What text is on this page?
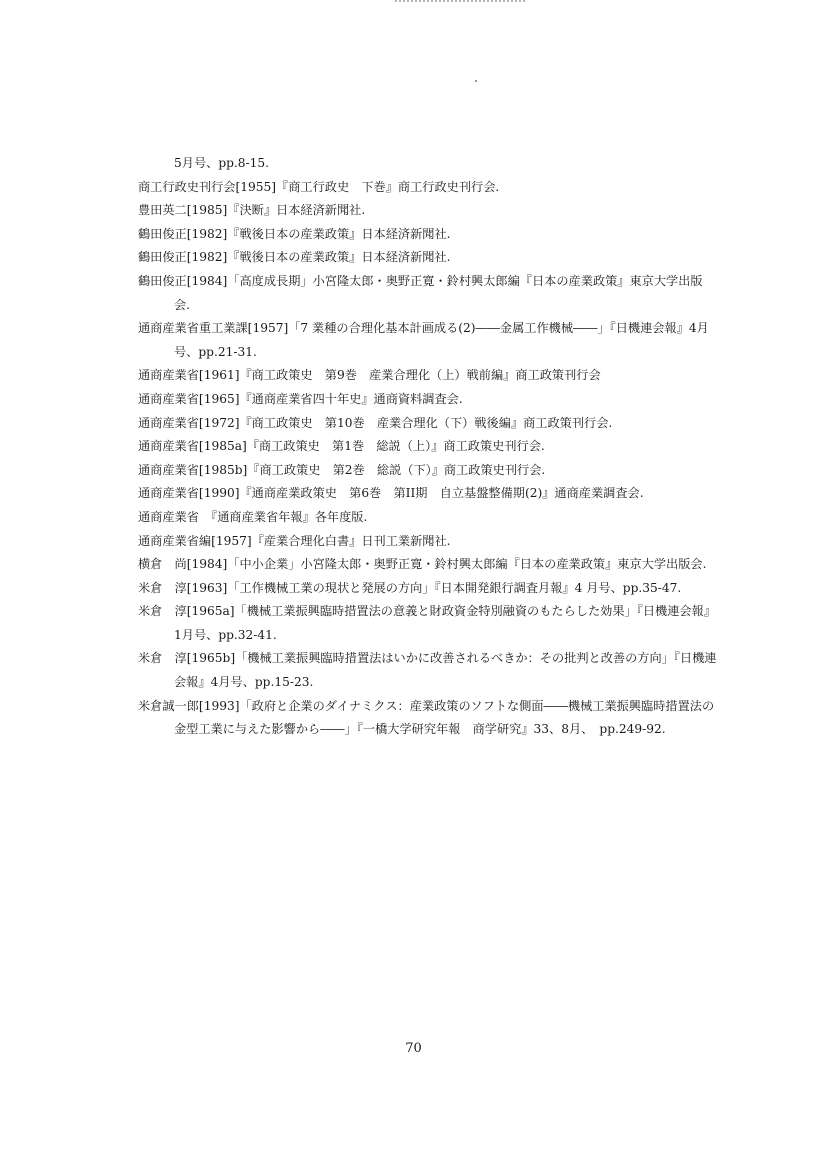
5月号、pp.8-15.
商工行政史刊行会[1955]『商工行政史　下巻』商工行政史刊行会.
豊田英二[1985]『決断』日本経済新聞社.
鶴田俊正[1982]『戦後日本の産業政策』日本経済新聞社.
鶴田俊正[1982]『戦後日本の産業政策』日本経済新聞社.
鶴田俊正[1984]「高度成長期」小宮隆太郎・奥野正寛・鈴村興太郎編『日本の産業政策』東京大学出版会.
通商産業省重工業課[1957]「7 業種の合理化基本計画成る(2)――金属工作機械――」『日機連会報』4月号、pp.21-31.
通商産業省[1961]『商工政策史　第9巻　産業合理化（上）戦前編』商工政策刊行会
通商産業省[1965]『通商産業省四十年史』通商資料調査会.
通商産業省[1972]『商工政策史　第10巻　産業合理化（下）戦後編』商工政策刊行会.
通商産業省[1985a]『商工政策史　第1巻　総説（上）』商工政策史刊行会.
通商産業省[1985b]『商工政策史　第2巻　総説（下）』商工政策史刊行会.
通商産業省[1990]『通商産業政策史　第6巻　第II期　自立基盤整備期(2)』通商産業調査会.
通商産業省　『通商産業省年報』各年度版.
通商産業省編[1957]『産業合理化白書』日刊工業新聞社.
横倉　尚[1984]「中小企業」小宮隆太郎・奥野正寛・鈴村興太郎編『日本の産業政策』東京大学出版会.
米倉　淳[1963]「工作機械工業の現状と発展の方向」『日本開発銀行調査月報』4 月号、pp.35-47.
米倉　淳[1965a]「機械工業振興臨時措置法の意義と財政資金特別融資のもたらした効果」『日機連会報』1月号、pp.32-41.
米倉　淳[1965b]「機械工業振興臨時措置法はいかに改善されるべきか：その批判と改善の方向」『日機連会報』4月号、pp.15-23.
米倉誠一郎[1993]「政府と企業のダイナミクス：産業政策のソフトな側面――機械工業振興臨時措置法の金型工業に与えた影響から――」『一橋大学研究年報　商学研究』33、8月、　pp.249-92.
70
